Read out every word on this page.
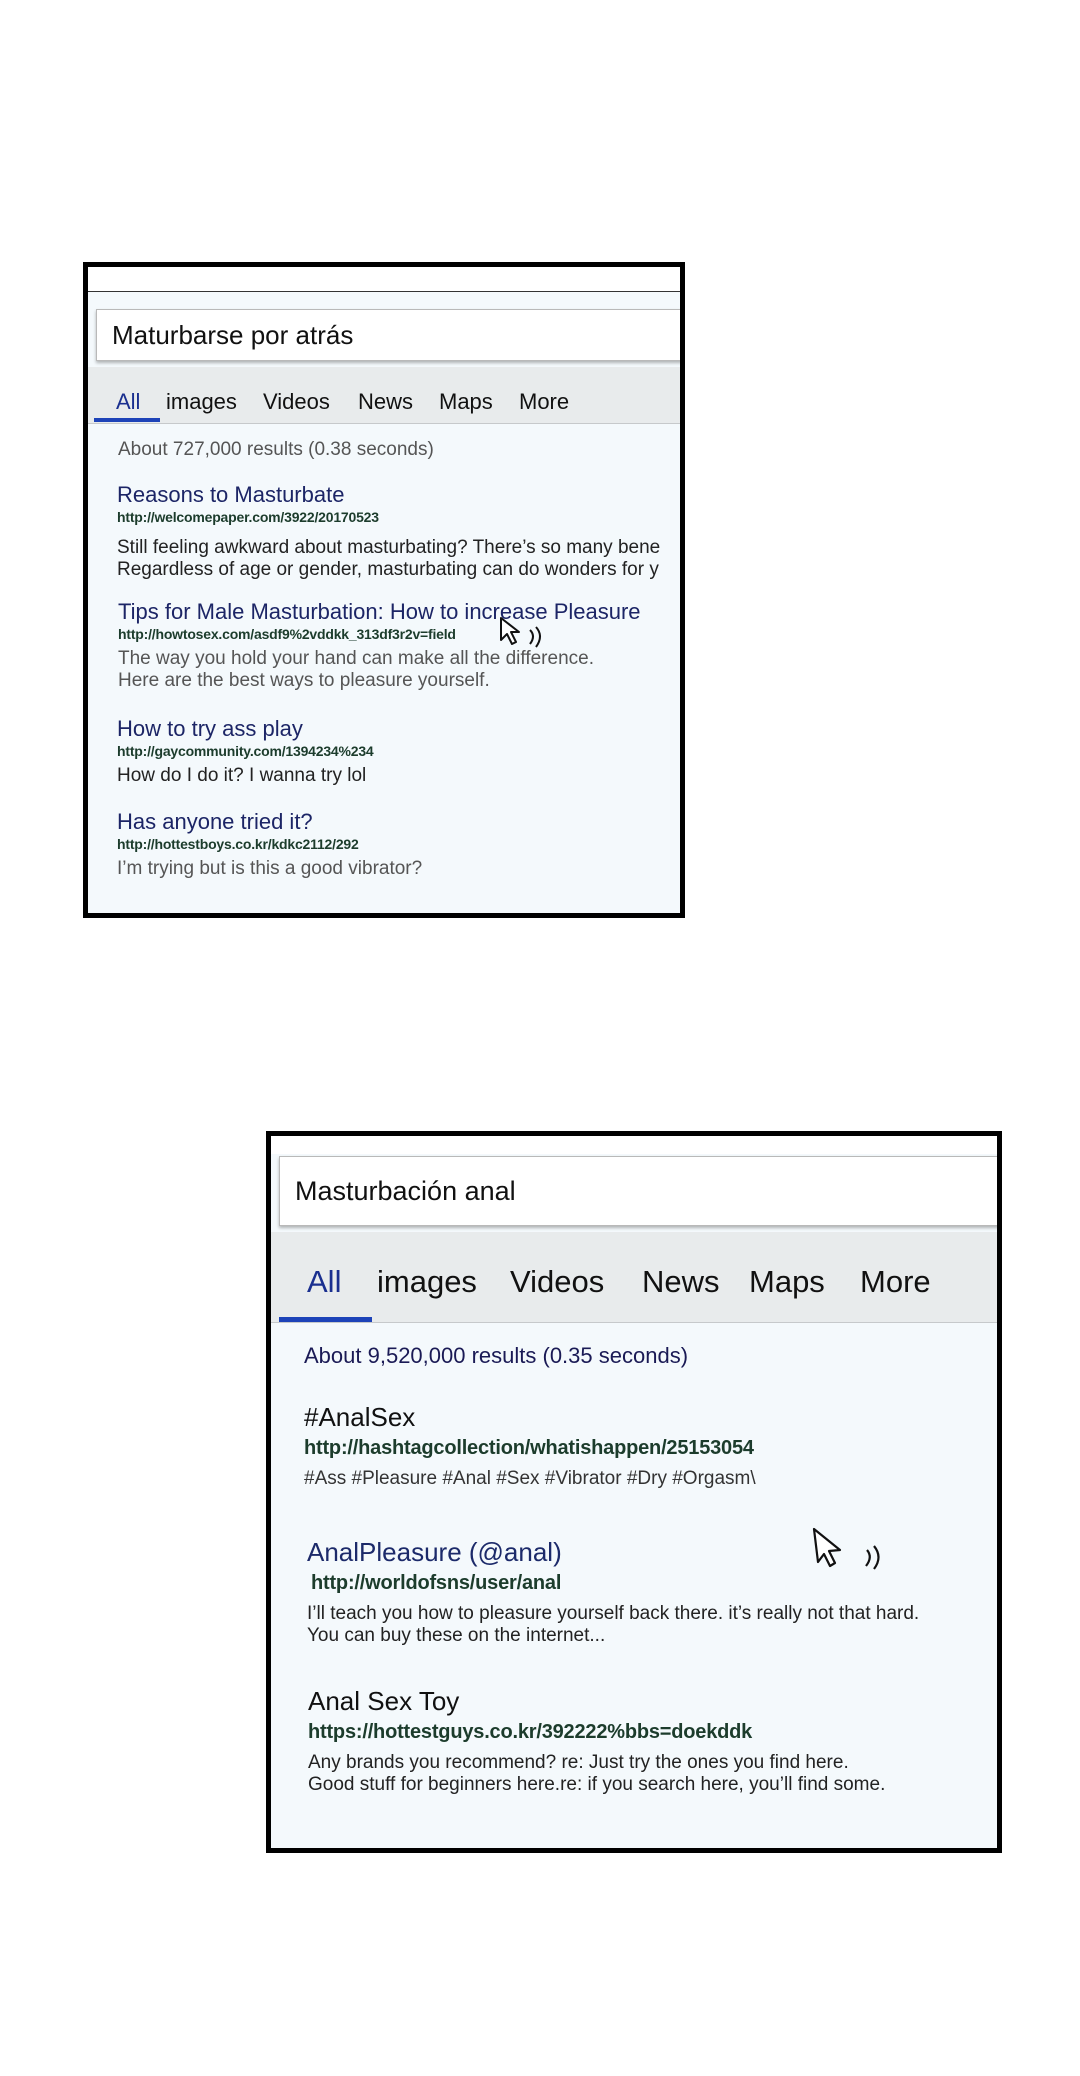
Maturbarse por atrás
All images Videos News Maps More
About 727,000 results (0.38 seconds)
Reasons to Masturbate
http://welcomepaper.com/3922/20170523
Still feeling awkward about masturbating? There’s so many bene
Regardless of age or gender, masturbating can do wonders for y
Tips for Male Masturbation: How to increase Pleasure
http://howtosex.com/asdf9%2vddkk_313df3r2v=field
The way you hold your hand can make all the difference.
Here are the best ways to pleasure yourself.
How to try ass play
http://gaycommunity.com/1394234%234
How do I do it? I wanna try lol
Has anyone tried it?
http://hottestboys.co.kr/kdkc2112/292
I’m trying but is this a good vibrator?
Masturbación anal
All images Videos News Maps More
About 9,520,000 results (0.35 seconds)
#AnalSex
http://hashtagcollection/whatishappen/25153054
#Ass #Pleasure #Anal #Sex #Vibrator #Dry #Orgasm\
AnalPleasure (@anal)
http://worldofsns/user/anal
I’ll teach you how to pleasure yourself back there. it’s really not that hard.
You can buy these on the internet...
Anal Sex Toy
https://hottestguys.co.kr/392222%bbs=doekddk
Any brands you recommend? re: Just try the ones you find here.
Good stuff for beginners here.re: if you search here, you’ll find some.
